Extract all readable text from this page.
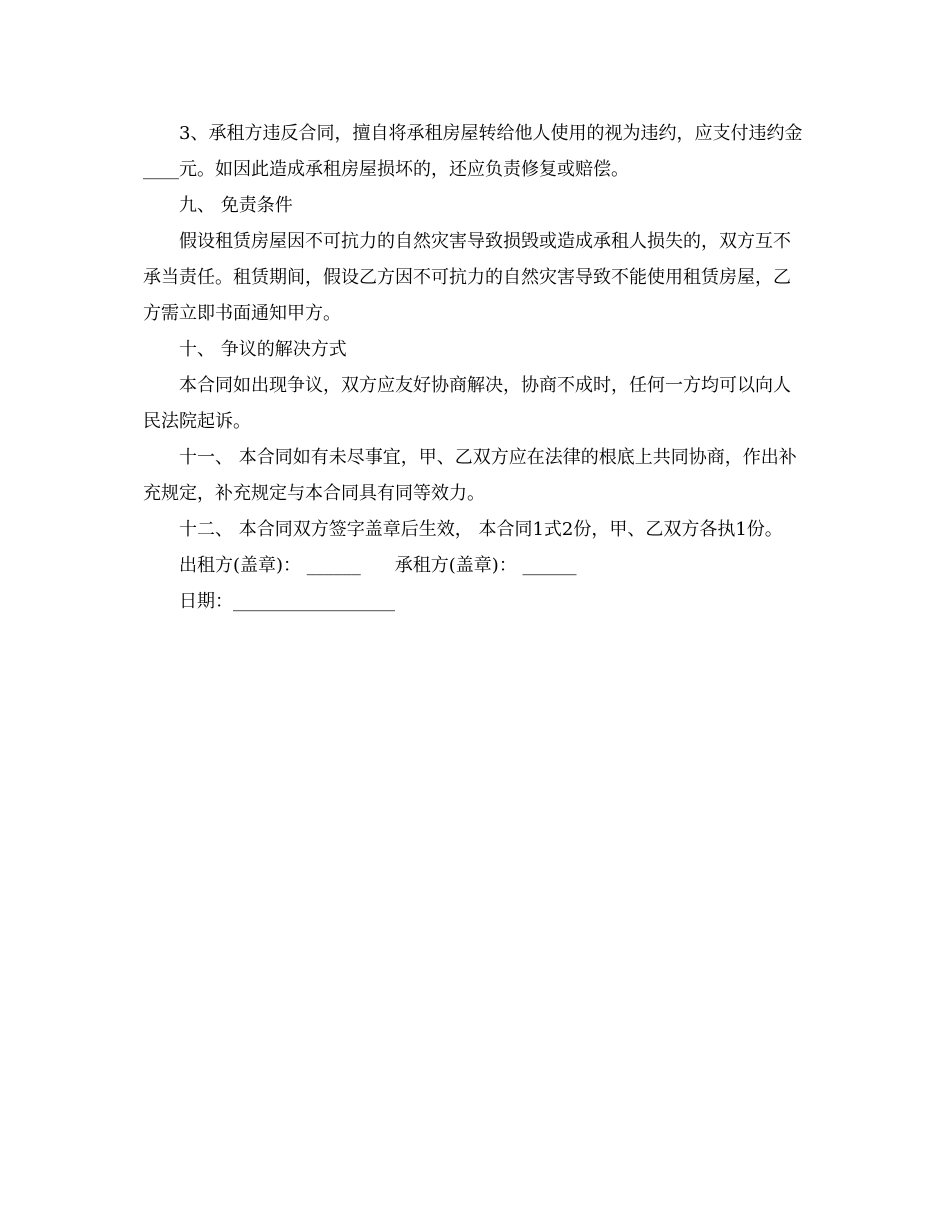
3、承租方违反合同，擅自将承租房屋转给他人使用的视为违约，应支付违约金____元。如因此造成承租房屋损坏的，还应负责修复或赔偿。

九、 免责条件

假设租赁房屋因不可抗力的自然灾害导致损毁或造成承租人损失的，双方互不承当责任。租赁期间，假设乙方因不可抗力的自然灾害导致不能使用租赁房屋，乙方需立即书面通知甲方。

十、 争议的解决方式

本合同如出现争议，双方应友好协商解决，协商不成时，任何一方均可以向人民法院起诉。

十一、 本合同如有未尽事宜，甲、乙双方应在法律的根底上共同协商，作出补充规定，补充规定与本合同具有同等效力。

十二、 本合同双方签字盖章后生效， 本合同1式2份，甲、乙双方各执1份。

出租方(盖章)： ______ 承租方(盖章)： ______
日期：__________________
